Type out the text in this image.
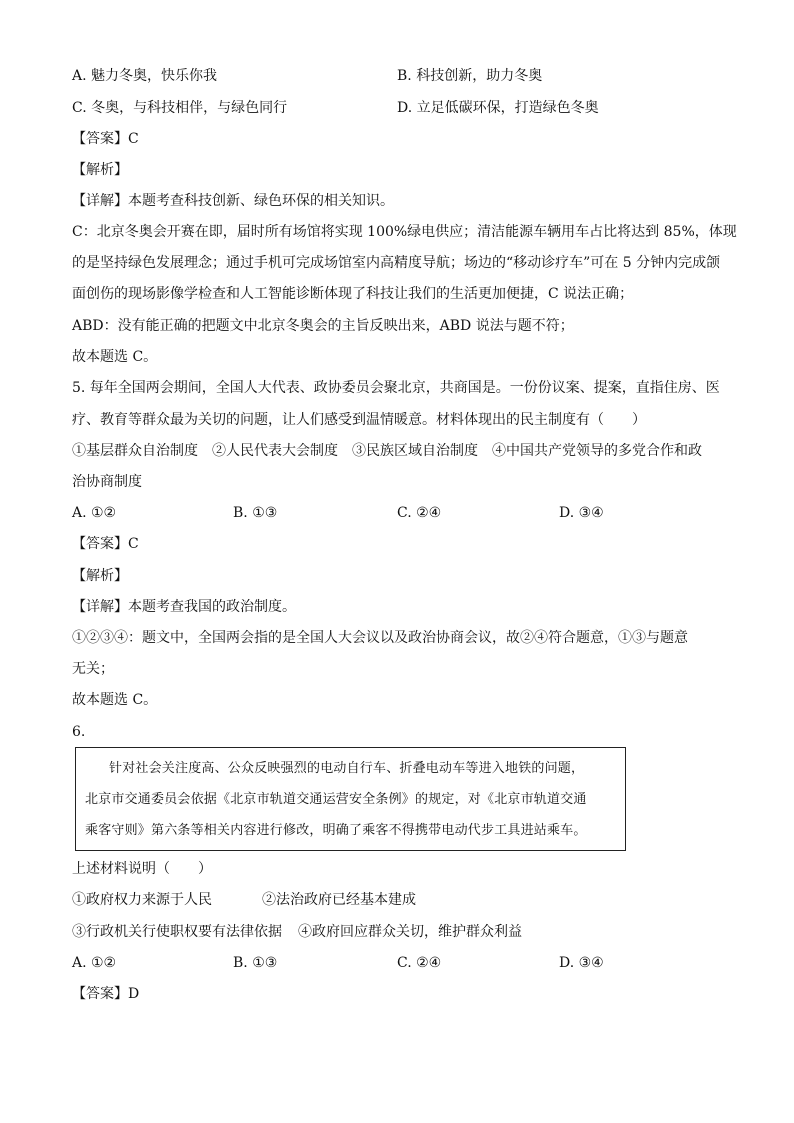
A. 魅力冬奥，快乐你我	B. 科技创新，助力冬奥
C. 冬奥，与科技相伴，与绿色同行	D. 立足低碳环保，打造绿色冬奥
【答案】C
【解析】
【详解】本题考查科技创新、绿色环保的相关知识。
C：北京冬奥会开赛在即，届时所有场馆将实现 100%绿电供应；清洁能源车辆用车占比将达到 85%，体现
的是坚持绿色发展理念；通过手机可完成场馆室内高精度导航；场边的“移动诊疗车”可在 5 分钟内完成颌
面创伤的现场影像学检查和人工智能诊断体现了科技让我们的生活更加便捷，C 说法正确；
ABD：没有能正确的把题文中北京冬奥会的主旨反映出来，ABD 说法与题不符；
故本题选 C。
5. 每年全国两会期间，全国人大代表、政协委员会聚北京，共商国是。一份份议案、提案，直指住房、医
疗、教育等群众最为关切的问题，让人们感受到温情暖意。材料体现出的民主制度有（　　）
①基层群众自治制度　②人民代表大会制度　③民族区域自治制度　④中国共产党领导的多党合作和政
治协商制度
A. ①②	B. ①③	C. ②④	D. ③④
【答案】C
【解析】
【详解】本题考查我国的政治制度。
①②③④：题文中，全国两会指的是全国人大会议以及政治协商会议，故②④符合题意，①③与题意
无关；
故本题选 C。
6.
针对社会关注度高、公众反映强烈的电动自行车、折叠电动车等进入地铁的问题，
北京市交通委员会依据《北京市轨道交通运营安全条例》的规定，对《北京市轨道交通
乘客守则》第六条等相关内容进行修改，明确了乘客不得携带电动代步工具进站乘车。
上述材料说明（　　）
①政府权力来源于人民	②法治政府已经基本建成
③行政机关行使职权要有法律依据 ④政府回应群众关切，维护群众利益
A. ①②	B. ①③	C. ②④	D. ③④
【答案】D
